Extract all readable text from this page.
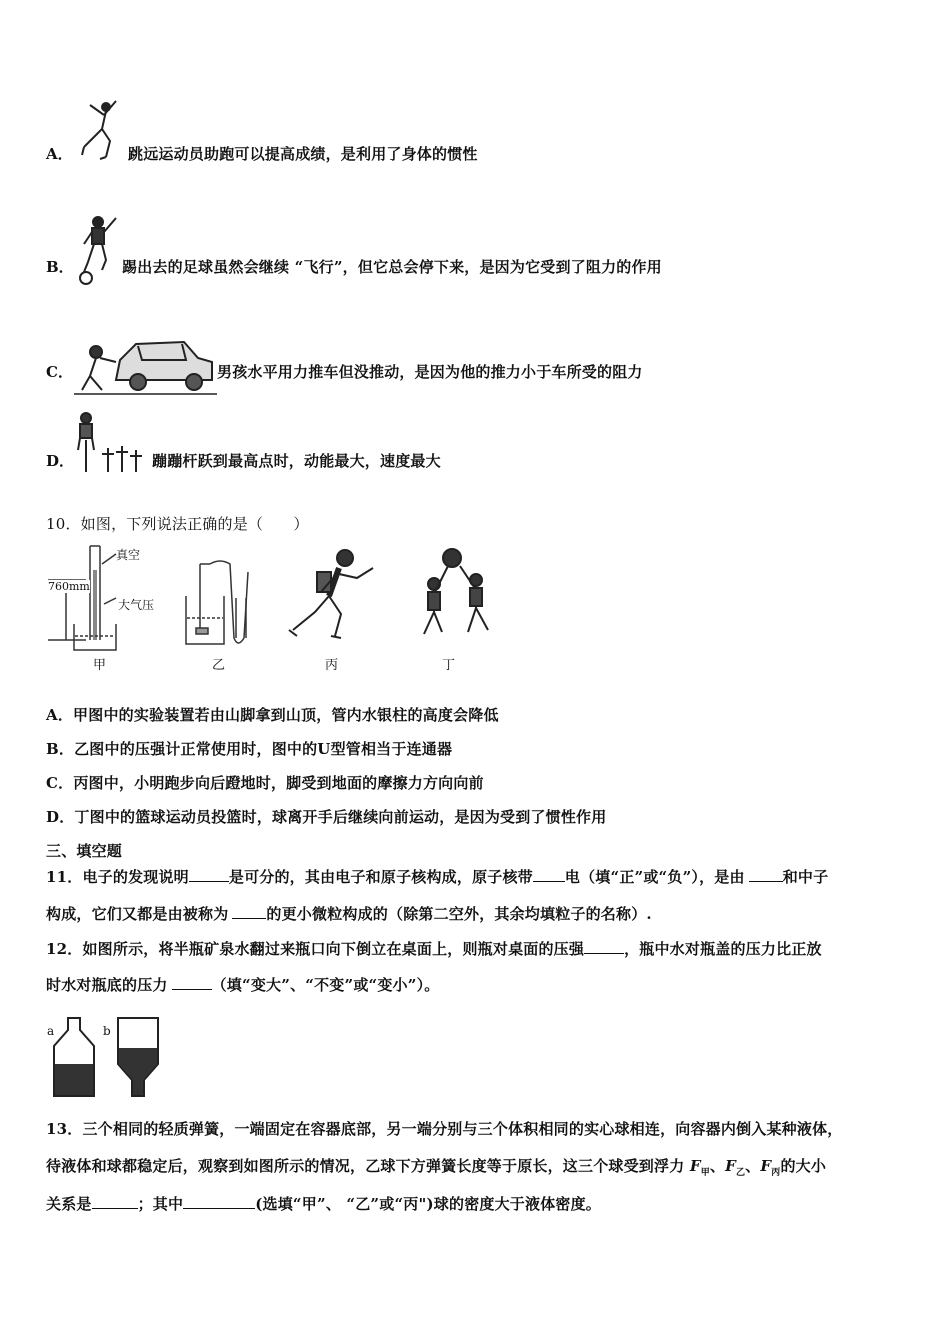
A．	跳远运动员助跑可以提高成绩，是利用了身体的惯性
B．	踢出去的足球虽然会继续 “飞行”，但它总会停下来，是因为它受到了阻力的作用
C．	男孩水平用力推车但没推动，是因为他的推力小于车所受的阻力
D．	蹦蹦杆跃到最高点时，动能最大，速度最大
10．如图，下列说法正确的是（　　）
真空
760mm
大气压
甲	乙	丙	丁
A．甲图中的实验装置若由山脚拿到山顶，管内水银柱的高度会降低
B．乙图中的压强计正常使用时，图中的U型管相当于连通器
C．丙图中，小明跑步向后蹬地时，脚受到地面的摩擦力方向向前
D．丁图中的篮球运动员投篮时，球离开手后继续向前运动，是因为受到了惯性作用
三、填空题
11．电子的发现说明	是可分的，其由电子和原子核构成，原子核带 电（填“正”或“负”），是由	和中子
构成，它们又都是由被称为	的更小微粒构成的（除第二空外，其余均填粒子的名称）.
12．如图所示，将半瓶矿泉水翻过来瓶口向下倒立在桌面上，则瓶对桌面的压强	，瓶中水对瓶盖的压力比正放
时水对瓶底的压力	（填“变大”、“不变”或“变小”）。
a	b
13．三个相同的轻质弹簧，一端固定在容器底部，另一端分别与三个体积相同的实心球相连，向容器内倒入某种液体，
待液体和球都稳定后，观察到如图所示的情况，乙球下方弹簧长度等于原长，这三个球受到浮力 $F_甲$、$F_乙$、$F_丙$的大小
关系是	；其中	(选填“甲”、 “乙”或“丙")球的密度大于液体密度。
